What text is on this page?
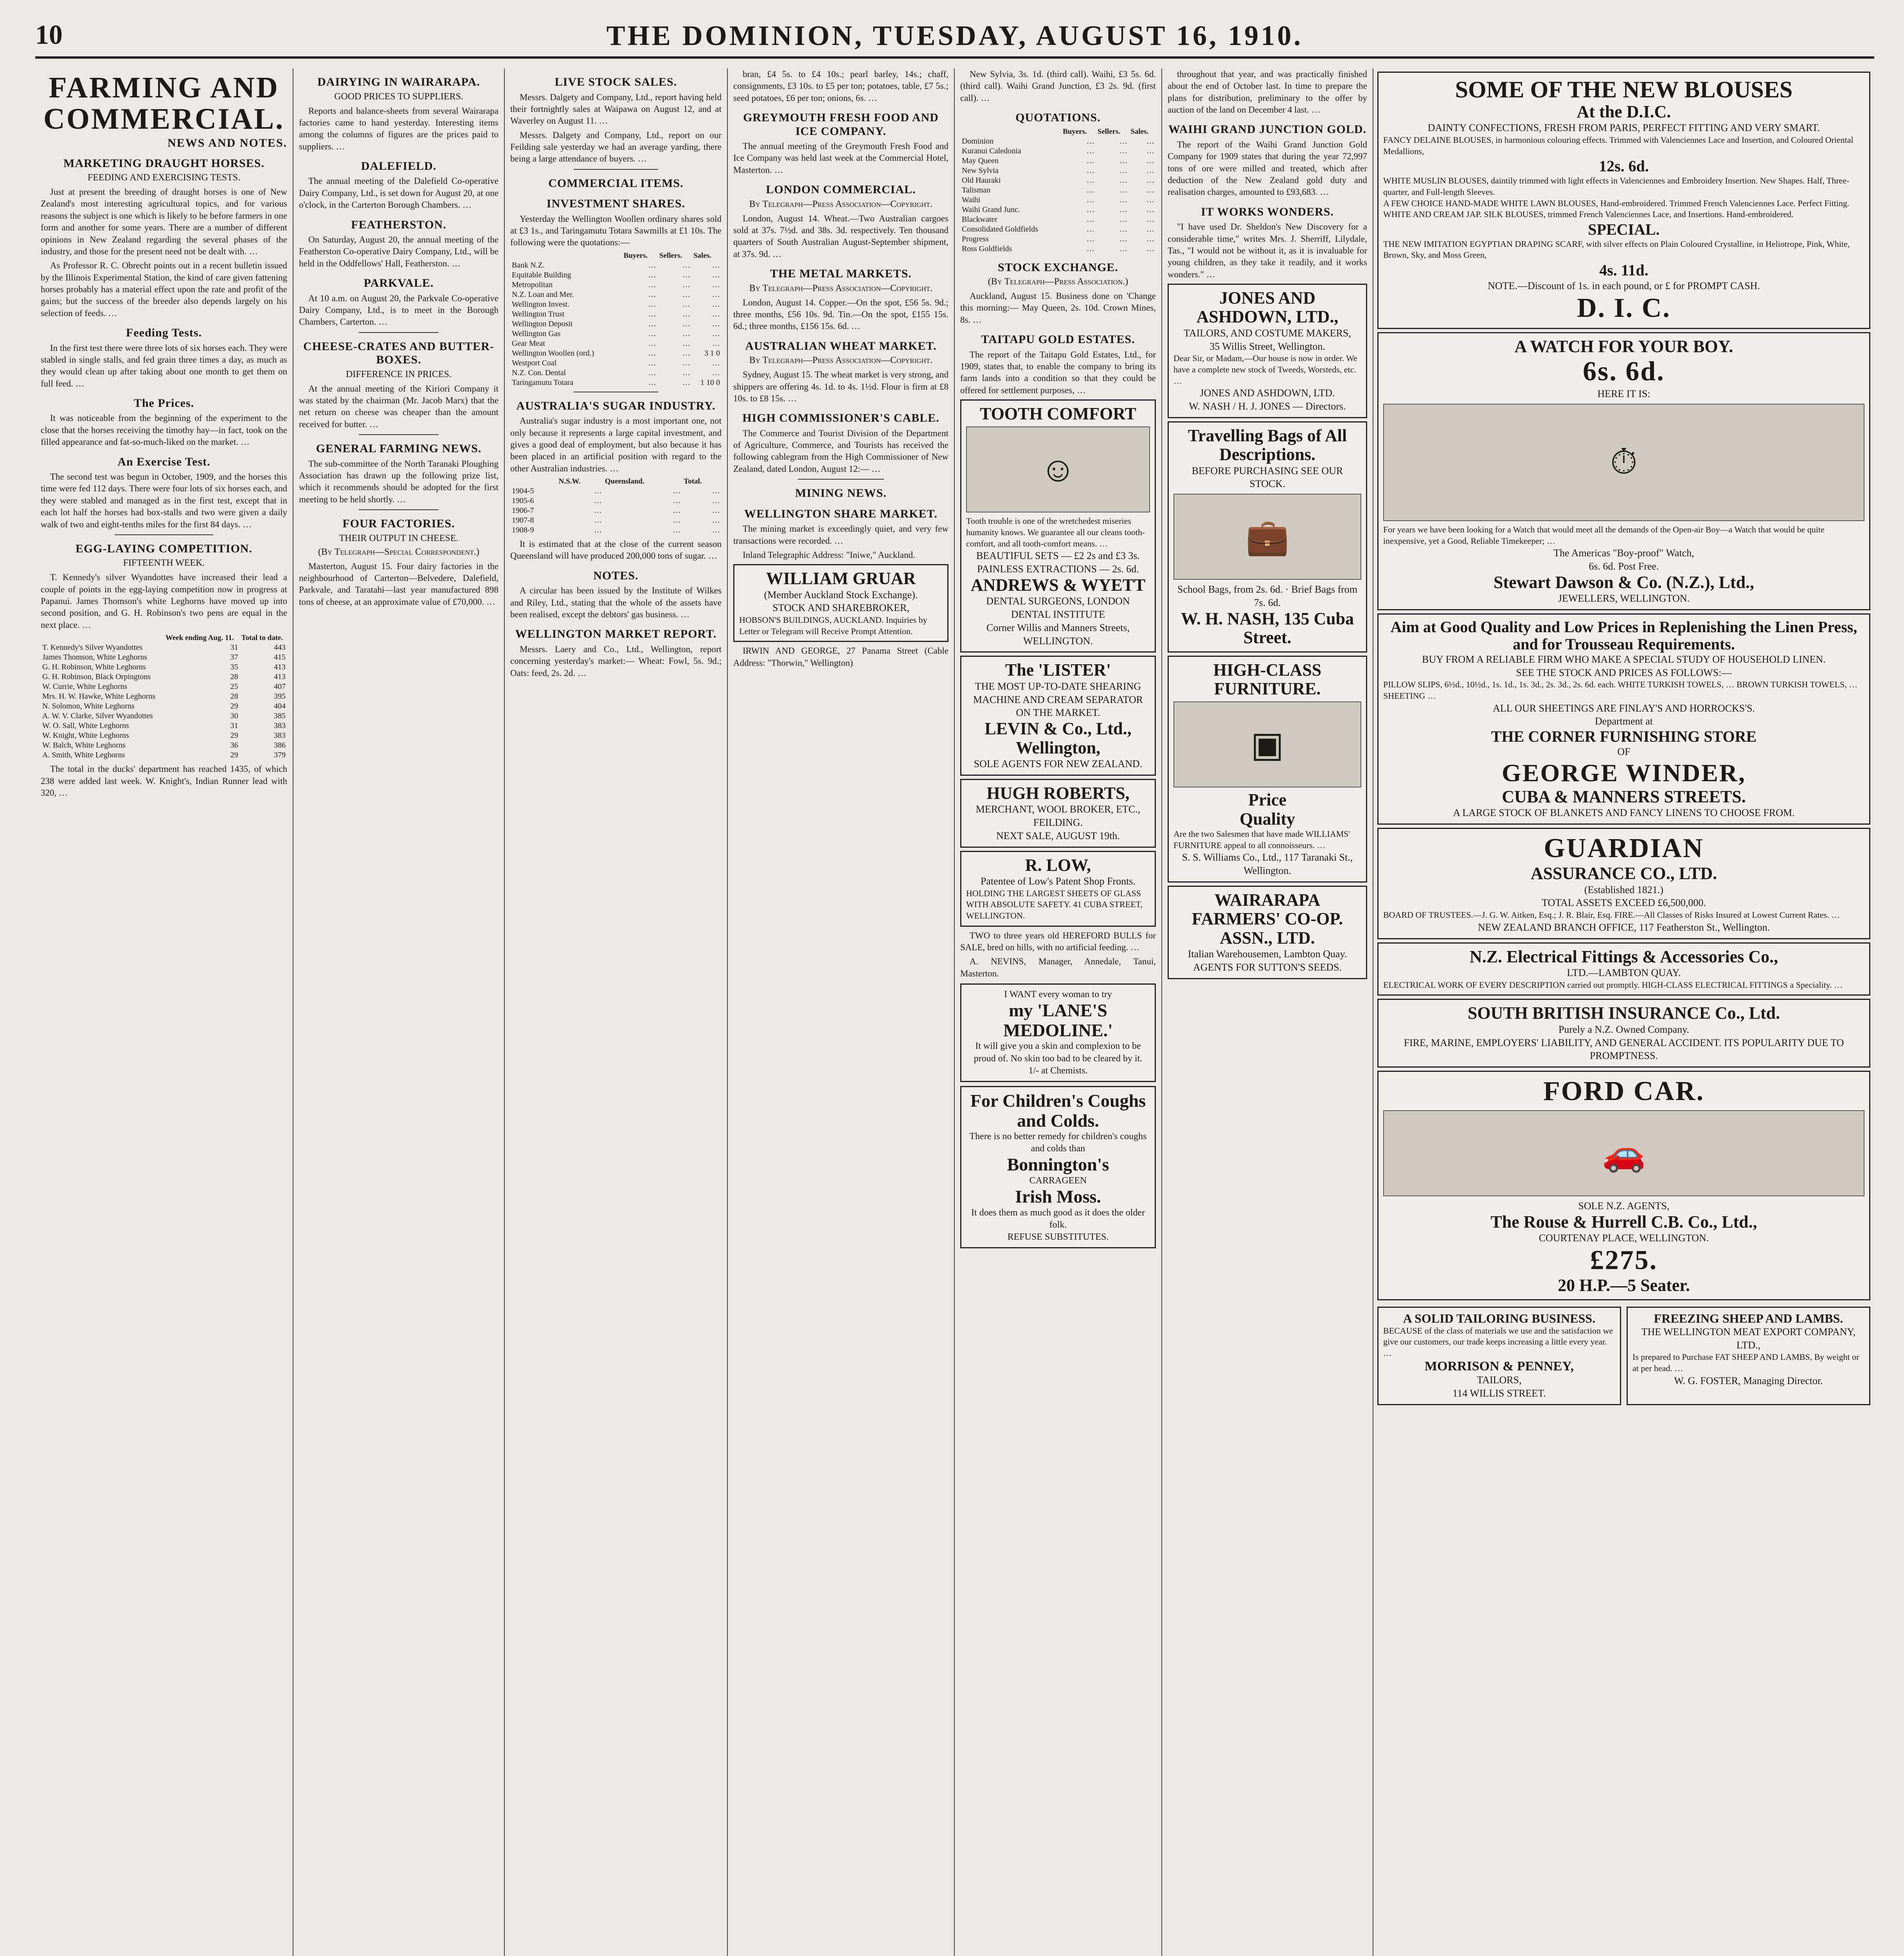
10	THE DOMINION, TUESDAY, AUGUST 16, 1910.
FARMING AND COMMERCIAL.
NEWS AND NOTES.
MARKETING DRAUGHT HORSES.
FEEDING AND EXERCISING TESTS.

Just at present the breeding of draught horses is one of New Zealand's most interesting agricultural topics, and for various reasons the subject is one which is likely to be before farmers in one form and another for some years. There are a number of different opinions in New Zealand regarding the several phases of the industry, and those for the present need not be dealt with. …

As Professor R. C. Obrecht points out in a recent bulletin issued by the Illinois Experimental Station, the kind of care given fattening horses probably has a material effect upon the rate and profit of the gains; but the success of the breeder also depends largely on his selection of feeds. …

Feeding Tests.

In the first test there were three lots of six horses each. They were stabled in single stalls, and fed grain three times a day, as much as they would clean up after taking about one month to get them on full feed. …

The Prices.

It was noticeable from the beginning of the experiment to the close that the horses receiving the timothy hay—in fact, took on the filled appearance and fat-so-much-liked on the market. …

An Exercise Test.

The second test was begun in October, 1909, and the horses this time were fed 112 days. There were four lots of six horses each, and they were stabled and managed as in the first test, except that in each lot half the horses had box-stalls and two were given a daily walk of two and eight-tenths miles for the first 84 days. …

EGG-LAYING COMPETITION.
FIFTEENTH WEEK.

T. Kennedy's silver Wyandottes have increased their lead a couple of points in the egg-laying competition now in progress at Papanui. James Thomson's white Leghorns have moved up into second position, and G. H. Robinson's two pens are equal in the next place. …

	Week ending Aug. 11.	Total to date.
T. Kennedy's Silver Wyandottes	31	443
James Thomson, White Leghorns	37	415
G. H. Robinson, White Leghorns	35	413
G. H. Robinson, Black Orpingtons	28	413
W. Currie, White Leghorns	25	407
Mrs. H. W. Hawke, White Leghorns	28	395
N. Solomon, White Leghorns	29	404
A. W. V. Clarke, Silver Wyandottes	30	385
W. O. Sall, White Leghorns	31	383
W. Knight, White Leghorns	29	383
W. Balch, White Leghorns	36	386
A. Smith, White Leghorns	29	379

The total in the ducks' department has reached 1435, of which 238 were added last week. W. Knight's, Indian Runner lead with 320, …

DAIRYING IN WAIRARAPA.
GOOD PRICES TO SUPPLIERS.

Reports and balance-sheets from several Wairarapa factories came to hand yesterday. Interesting items among the columns of figures are the prices paid to suppliers. …

DALEFIELD.

The annual meeting of the Dalefield Co-operative Dairy Company, Ltd., is set down for August 20, at one o'clock, in the Carterton Borough Chambers. …

FEATHERSTON.

On Saturday, August 20, the annual meeting of the Featherston Co-operative Dairy Company, Ltd., will be held in the Oddfellows' Hall, Featherston. …

PARKVALE.

At 10 a.m. on August 20, the Parkvale Co-operative Dairy Company, Ltd., is to meet in the Borough Chambers, Carterton. …

CHEESE-CRATES AND BUTTER-BOXES.
DIFFERENCE IN PRICES.

At the annual meeting of the Kiriori Company it was stated by the chairman (Mr. Jacob Marx) that the net return on cheese was cheaper than the amount received for butter. …

GENERAL FARMING NEWS.

The sub-committee of the North Taranaki Ploughing Association has drawn up the following prize list, which it recommends should be adopted for the first meeting to be held shortly. …

FOUR FACTORIES.
THEIR OUTPUT IN CHEESE.
(By Telegraph—Special Correspondent.)

Masterton, August 15. Four dairy factories in the neighbourhood of Carterton—Belvedere, Dalefield, Parkvale, and Taratahi—last year manufactured 898 tons of cheese, at an approximate value of £70,000. …

LIVE STOCK SALES.

Messrs. Dalgety and Company, Ltd., report having held their fortnightly sales at Waipawa on August 12, and at Waverley on August 11. …

Messrs. Dalgety and Company, Ltd., report on our Feilding sale yesterday we had an average yarding, there being a large attendance of buyers. …

COMMERCIAL ITEMS.
INVESTMENT SHARES.

Yesterday the Wellington Woollen ordinary shares sold at £3 1s., and Taringamutu Totara Sawmills at £1 10s. The following were the quotations:—

	Buyers.	Sellers.	Sales.
Bank N.Z.	…	…	…
Equitable Building	…	…	…
Metropolitan	…	…	…
N.Z. Loan and Mer.	…	…	…
Wellington Invest.	…	…	…
Wellington Trust	…	…	…
Wellington Deposit	…	…	…
Wellington Gas	…	…	…
Gear Meat	…	…	…
Wellington Woollen (ord.)	…	…	3 1 0
Westport Coal	…	…	…
N.Z. Con. Dental	…	…	…
Taringamutu Totara	…	…	1 10 0
AUSTRALIA'S SUGAR INDUSTRY.

Australia's sugar industry is a most important one, not only because it represents a large capital investment, and gives a good deal of employment, but also because it has been placed in an artificial position with regard to the other Australian industries. …

	N.S.W.	Queensland.	Total.
1904-5	…	…	…
1905-6	…	…	…
1906-7	…	…	…
1907-8	…	…	…
1908-9	…	…	…

It is estimated that at the close of the current season Queensland will have produced 200,000 tons of sugar. …

NOTES.

A circular has been issued by the Institute of Wilkes and Riley, Ltd., stating that the whole of the assets have been realised, except the debtors' gas business. …

WELLINGTON MARKET REPORT.

Messrs. Laery and Co., Ltd., Wellington, report concerning yesterday's market:— Wheat: Fowl, 5s. 9d.; Oats: feed, 2s. 2d. …

bran, £4 5s. to £4 10s.; pearl barley, 14s.; chaff, consignments, £3 10s. to £5 per ton; potatoes, table, £7 5s.; seed potatoes, £6 per ton; onions, 6s. …

GREYMOUTH FRESH FOOD AND ICE COMPANY.

The annual meeting of the Greymouth Fresh Food and Ice Company was held last week at the Commercial Hotel, Masterton. …

LONDON COMMERCIAL.
By Telegraph—Press Association—Copyright.

London, August 14. Wheat.—Two Australian cargoes sold at 37s. 7½d. and 38s. 3d. respectively. Ten thousand quarters of South Australian August-September shipment, at 37s. 9d. …

THE METAL MARKETS.
By Telegraph—Press Association—Copyright.

London, August 14. Copper.—On the spot, £56 5s. 9d.; three months, £56 10s. 9d. Tin.—On the spot, £155 15s. 6d.; three months, £156 15s. 6d. …

AUSTRALIAN WHEAT MARKET.
By Telegraph—Press Association—Copyright.

Sydney, August 15. The wheat market is very strong, and shippers are offering 4s. 1d. to 4s. 1½d. Flour is firm at £8 10s. to £8 15s. …

HIGH COMMISSIONER'S CABLE.

The Commerce and Tourist Division of the Department of Agriculture, Commerce, and Tourists has received the following cablegram from the High Commissioner of New Zealand, dated London, August 12:— …

MINING NEWS.
WELLINGTON SHARE MARKET.

The mining market is exceedingly quiet, and very few transactions were recorded. …

Inland Telegraphic Address: "Iniwe," Auckland.

WILLIAM GRUAR
(Member Auckland Stock Exchange).
STOCK AND SHAREBROKER,
HOBSON'S BUILDINGS, AUCKLAND. Inquiries by Letter or Telegram will Receive Prompt Attention.

IRWIN AND GEORGE, 27 Panama Street (Cable Address: "Thorwin," Wellington)

New Sylvia, 3s. 1d. (third call). Waihi, £3 5s. 6d. (third call). Waihi Grand Junction, £3 2s. 9d. (first call). …

QUOTATIONS.
	Buyers.	Sellers.	Sales.
Dominion	…	…	…
Kuranui Caledonia	…	…	…
May Queen	…	…	…
New Sylvia	…	…	…
Old Hauraki	…	…	…
Talisman	…	…	…
Waihi	…	…	…
Waihi Grand Junc.	…	…	…
Blackwater	…	…	…
Consolidated Goldfields	…	…	…
Progress	…	…	…
Ross Goldfields	…	…	…
STOCK EXCHANGE.
(By Telegraph—Press Association.)

Auckland, August 15. Business done on 'Change this morning:— May Queen, 2s. 10d. Crown Mines, 8s. …

TAITAPU GOLD ESTATES.

The report of the Taitapu Gold Estates, Ltd., for 1909, states that, to enable the company to bring its farm lands into a condition so that they could be offered for settlement purposes, …

TOOTH COMFORT
☺
Tooth trouble is one of the wretchedest miseries humanity knows. We guarantee all our cleans tooth-comfort, and all tooth-comfort means. …
BEAUTIFUL SETS — £2 2s and £3 3s.
PAINLESS EXTRACTIONS — 2s. 6d.
ANDREWS & WYETT
DENTAL SURGEONS, LONDON DENTAL INSTITUTE
Corner Willis and Manners Streets, WELLINGTON.
The 'LISTER'
THE MOST UP-TO-DATE SHEARING MACHINE AND CREAM SEPARATOR ON THE MARKET.
LEVIN & Co., Ltd., Wellington,
SOLE AGENTS FOR NEW ZEALAND.
HUGH ROBERTS,
MERCHANT, WOOL BROKER, ETC., FEILDING.
NEXT SALE, AUGUST 19th.
R. LOW,
Patentee of Low's Patent Shop Fronts.
HOLDING THE LARGEST SHEETS OF GLASS WITH ABSOLUTE SAFETY. 41 CUBA STREET, WELLINGTON.

TWO to three years old HEREFORD BULLS for SALE, bred on hills, with no artificial feeding. …

A. NEVINS, Manager, Annedale, Tanui, Masterton.

I WANT every woman to try
my 'LANE'S MEDOLINE.'
It will give you a skin and complexion to be proud of. No skin too bad to be cleared by it.
1/- at Chemists.
For Children's Coughs and Colds.
There is no better remedy for children's coughs and colds than
Bonnington's
CARRAGEEN
Irish Moss.
It does them as much good as it does the older folk.
REFUSE SUBSTITUTES.

throughout that year, and was practically finished about the end of October last. In time to prepare the plans for distribution, preliminary to the offer by auction of the land on December 4 last. …

WAIHI GRAND JUNCTION GOLD.

The report of the Waihi Grand Junction Gold Company for 1909 states that during the year 72,997 tons of ore were milled and treated, which after deduction of the New Zealand gold duty and realisation charges, amounted to £93,683. …

IT WORKS WONDERS.

"I have used Dr. Sheldon's New Discovery for a considerable time," writes Mrs. J. Sherriff, Lilydale, Tas., "I would not be without it, as it is invaluable for young children, as they take it readily, and it works wonders." …

JONES AND ASHDOWN, LTD.,
TAILORS, AND COSTUME MAKERS,
35 Willis Street, Wellington.
Dear Sir, or Madam,—Our house is now in order. We have a complete new stock of Tweeds, Worsteds, etc. …
JONES AND ASHDOWN, LTD.
W. NASH / H. J. JONES — Directors.
Travelling Bags of All Descriptions.
BEFORE PURCHASING SEE OUR STOCK.
💼
School Bags, from 2s. 6d. · Brief Bags from 7s. 6d.
W. H. NASH, 135 Cuba Street.
HIGH-CLASS FURNITURE.
▣
Price
Quality
Are the two Salesmen that have made WILLIAMS' FURNITURE appeal to all connoisseurs. …
S. S. Williams Co., Ltd., 117 Taranaki St., Wellington.
WAIRARAPA FARMERS' CO-OP. ASSN., LTD.
Italian Warehousemen, Lambton Quay.
AGENTS FOR SUTTON'S SEEDS.
SOME OF THE NEW BLOUSES
At the D.I.C.
DAINTY CONFECTIONS, FRESH FROM PARIS, PERFECT FITTING AND VERY SMART.
FANCY DELAINE BLOUSES, in harmonious colouring effects. Trimmed with Valenciennes Lace and Insertion, and Coloured Oriental Medallions,
12s. 6d.
WHITE MUSLIN BLOUSES, daintily trimmed with light effects in Valenciennes and Embroidery Insertion. New Shapes. Half, Three-quarter, and Full-length Sleeves.
A FEW CHOICE HAND-MADE WHITE LAWN BLOUSES, Hand-embroidered. Trimmed French Valenciennes Lace. Perfect Fitting.
WHITE AND CREAM JAP. SILK BLOUSES, trimmed French Valenciennes Lace, and Insertions. Hand-embroidered.
SPECIAL.
THE NEW IMITATION EGYPTIAN DRAPING SCARF, with silver effects on Plain Coloured Crystalline, in Heliotrope, Pink, White, Brown, Sky, and Moss Green,
4s. 11d.
NOTE.—Discount of 1s. in each pound, or £ for PROMPT CASH.
D. I. C.
A WATCH FOR YOUR BOY.
6s. 6d.
HERE IT IS:
⏱
For years we have been looking for a Watch that would meet all the demands of the Open-air Boy—a Watch that would be quite inexpensive, yet a Good, Reliable Timekeeper; …
The Americas "Boy-proof" Watch,
6s. 6d. Post Free.
Stewart Dawson & Co. (N.Z.), Ltd.,
JEWELLERS, WELLINGTON.
Aim at Good Quality and Low Prices in Replenishing the Linen Press, and for Trousseau Requirements.
BUY FROM A RELIABLE FIRM WHO MAKE A SPECIAL STUDY OF HOUSEHOLD LINEN.
SEE THE STOCK AND PRICES AS FOLLOWS:—
PILLOW SLIPS, 6½d., 10½d., 1s. 1d., 1s. 3d., 2s. 3d., 2s. 6d. each. WHITE TURKISH TOWELS, … BROWN TURKISH TOWELS, … SHEETING …
ALL OUR SHEETINGS ARE FINLAY'S AND HORROCKS'S.
Department at
THE CORNER FURNISHING STORE
OF
GEORGE WINDER,
CUBA & MANNERS STREETS.
A LARGE STOCK OF BLANKETS AND FANCY LINENS TO CHOOSE FROM.
GUARDIAN
ASSURANCE CO., LTD.
(Established 1821.)
TOTAL ASSETS EXCEED £6,500,000.
BOARD OF TRUSTEES.—J. G. W. Aitken, Esq.; J. R. Blair, Esq. FIRE.—All Classes of Risks Insured at Lowest Current Rates. …
NEW ZEALAND BRANCH OFFICE, 117 Featherston St., Wellington.
N.Z. Electrical Fittings & Accessories Co.,
LTD.—LAMBTON QUAY.
ELECTRICAL WORK OF EVERY DESCRIPTION carried out promptly. HIGH-CLASS ELECTRICAL FITTINGS a Speciality. …
SOUTH BRITISH INSURANCE Co., Ltd.
Purely a N.Z. Owned Company.
FIRE, MARINE, EMPLOYERS' LIABILITY, AND GENERAL ACCIDENT. ITS POPULARITY DUE TO PROMPTNESS.
FORD CAR.
🚗
SOLE N.Z. AGENTS,
The Rouse & Hurrell C.B. Co., Ltd.,
COURTENAY PLACE, WELLINGTON.
£275.
20 H.P.—5 Seater.
A SOLID TAILORING BUSINESS.
BECAUSE of the class of materials we use and the satisfaction we give our customers, our trade keeps increasing a little every year. …
MORRISON & PENNEY,
TAILORS,
114 WILLIS STREET.
FREEZING SHEEP AND LAMBS.
THE WELLINGTON MEAT EXPORT COMPANY, LTD.,
Is prepared to Purchase FAT SHEEP AND LAMBS, By weight or at per head. …
W. G. FOSTER, Managing Director.
